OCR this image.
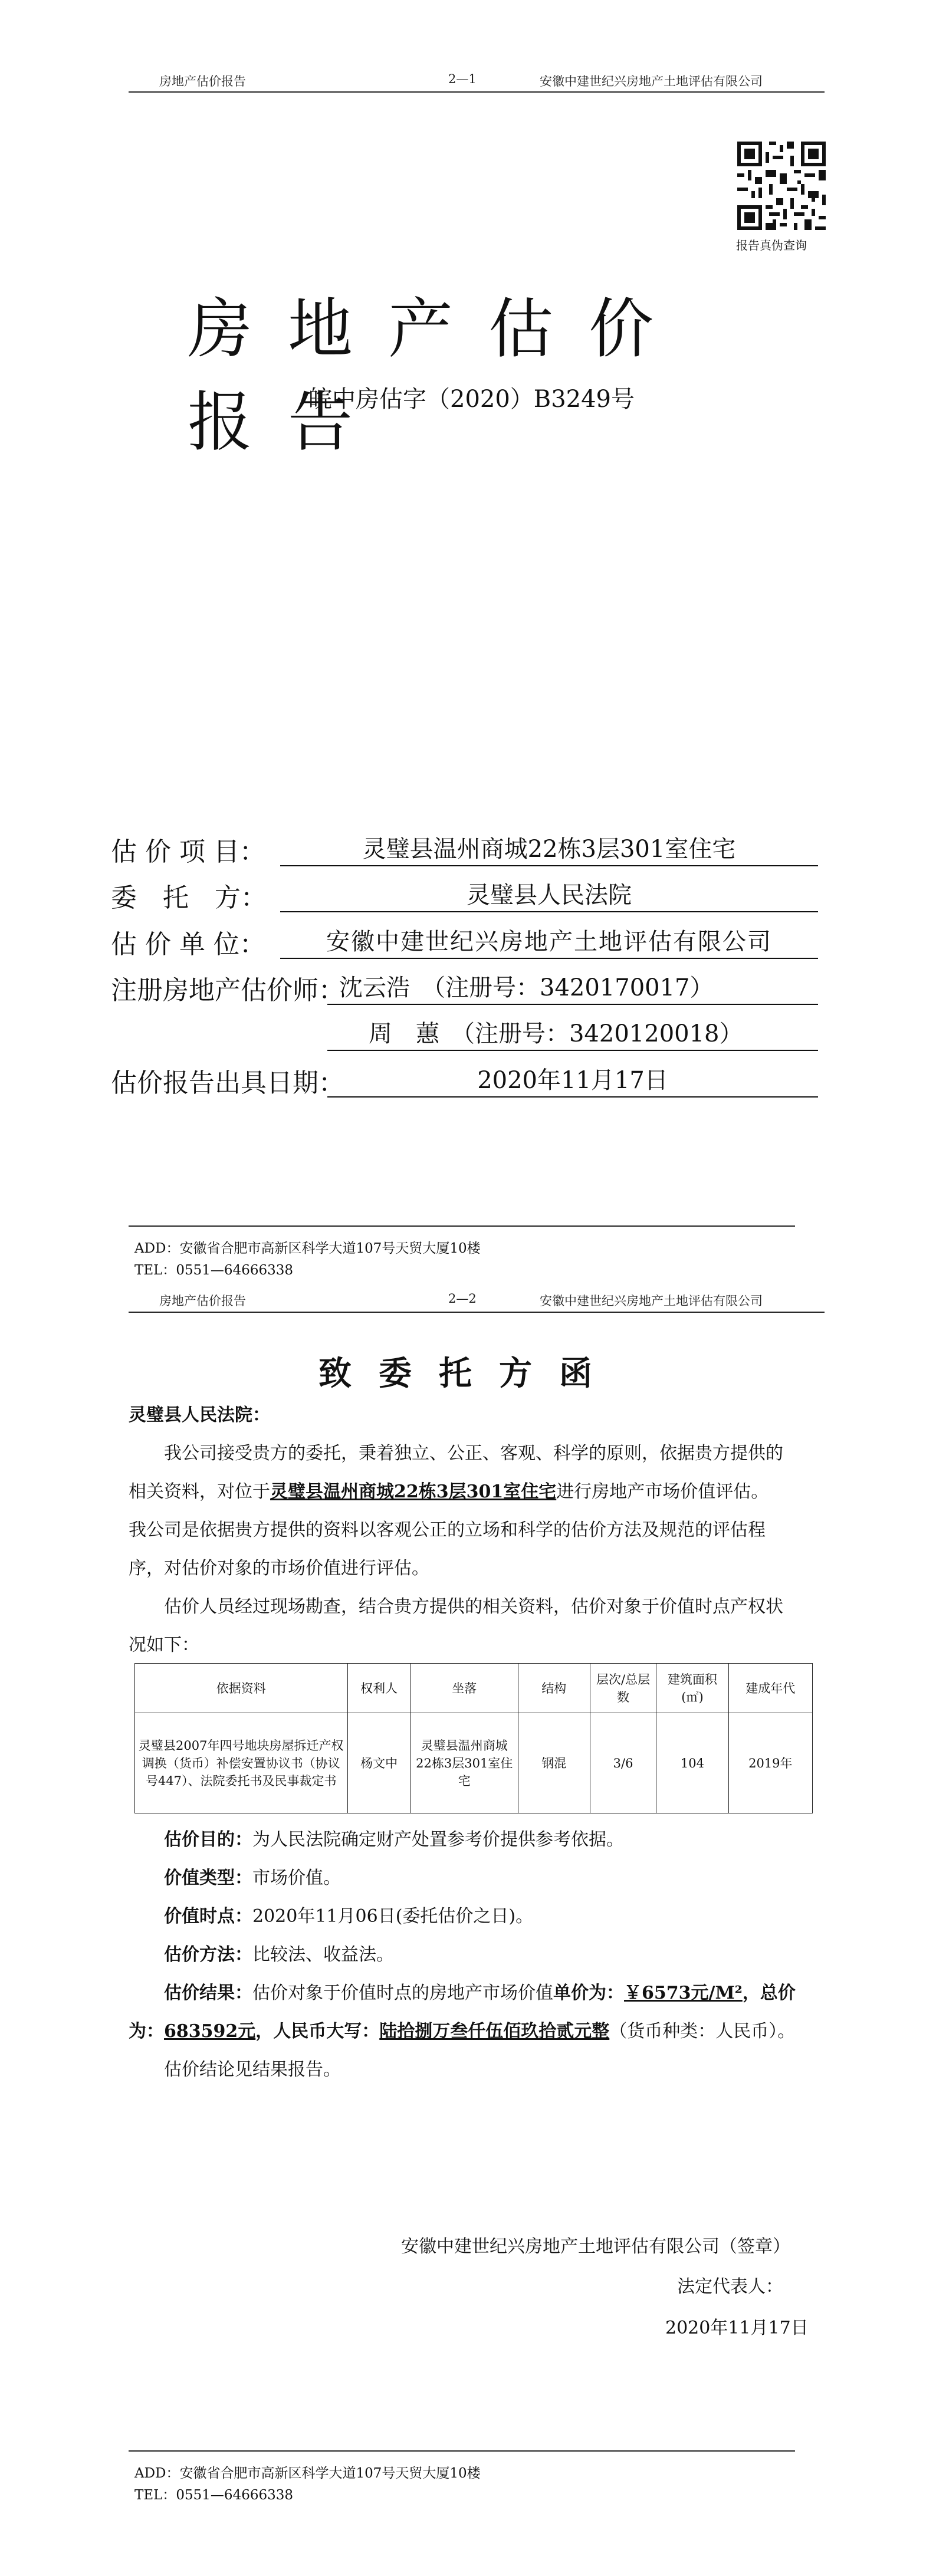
房地产估价报告	2—1	安徽中建世纪兴房地产土地评估有限公司
报告真伪查询
房地产估价报告
皖中房估字（2020）B3249号
估 价 项 目：	灵璧县温州商城22栋3层301室住宅
委　托　方：	灵璧县人民法院
估 价 单 位：	安徽中建世纪兴房地产土地评估有限公司
注册房地产估价师：
沈云浩　（注册号：3420170017）
周　蕙　（注册号：3420120018）
估价报告出具日期：	2020年11月17日
ADD：安徽省合肥市高新区科学大道107号天贸大厦10楼
TEL：0551—64666338
房地产估价报告	2—2	安徽中建世纪兴房地产土地评估有限公司
致委托方函
灵璧县人民法院：
我公司接受贵方的委托，秉着独立、公正、客观、科学的原则，依据贵方提供的
相关资料，对位于灵璧县温州商城22栋3层301室住宅进行房地产市场价值评估。
我公司是依据贵方提供的资料以客观公正的立场和科学的估价方法及规范的评估程
序，对估价对象的市场价值进行评估。
估价人员经过现场勘查，结合贵方提供的相关资料，估价对象于价值时点产权状
况如下：
依据资料	权利人	坐落	结构	层次/总层数	建筑面积(㎡)	建成年代
灵璧县2007年四号地块房屋拆迁产权调换（货币）补偿安置协议书（协议号447）、法院委托书及民事裁定书	杨文中	灵璧县温州商城22栋3层301室住宅	钢混	3/6	104	2019年
估价目的：为人民法院确定财产处置参考价提供参考依据。
价值类型：市场价值。
价值时点：2020年11月06日(委托估价之日)。
估价方法：比较法、收益法。
估价结果：估价对象于价值时点的房地产市场价值单价为：￥6573元/M²，总价
为：683592元，人民币大写：陆拾捌万叁仟伍佰玖拾贰元整（货币种类：人民币）。
估价结论见结果报告。
安徽中建世纪兴房地产土地评估有限公司（签章）
法定代表人：
2020年11月17日
ADD：安徽省合肥市高新区科学大道107号天贸大厦10楼
TEL：0551—64666338
